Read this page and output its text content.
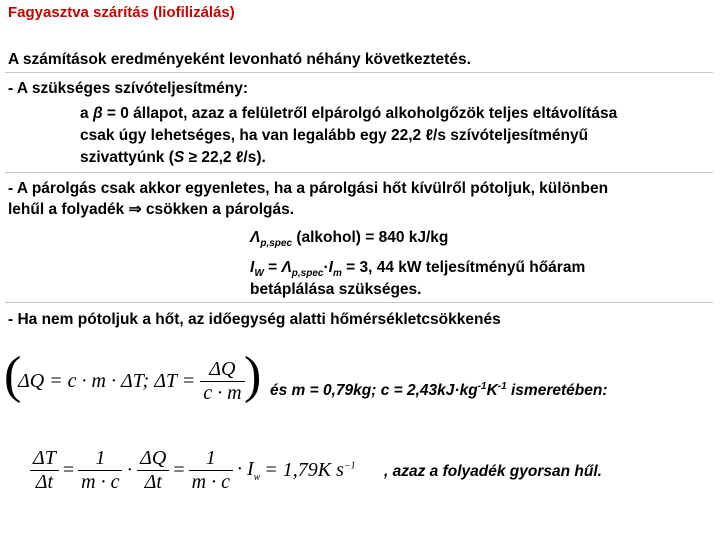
Fagyasztva szárítás (liofilizálás)
A számítások eredményeként levonható néhány következtetés.
- A szükséges szívóteljesítmény:
a β = 0 állapot, azaz a felületről elpárolgó alkoholgőzök teljes eltávolítása
csak úgy lehetséges, ha van legalább egy 22,2 ℓ/s szívóteljesítményű
szivattyúnk (S ≥ 22,2 ℓ/s).
- A párolgás csak akkor egyenletes, ha a párolgási hőt kívülről pótoljuk, különben
lehűl a folyadék ⇒ csökken a párolgás.
$\Lambda_{p,spec}$ (alkohol) = 840 kJ/kg
$I_W = \Lambda_{p,spec}\cdot I_m = 3$, 44 kW teljesítményű hőáram
betáplálása szükséges.
- Ha nem pótoljuk a hőt, az időegység alatti hőmérsékletcsökkenés
(
ΔQ = c · m · ΔT; ΔT =
$\frac{\Delta Q}{c \cdot m}$ ) és m = 0,79kg; $c = 2,43kJ\cdot kg^{-1}K^{-1}$ ismeretében:
$\frac{\Delta T}{\Delta t} = \frac{1}{m \cdot c} \cdot \frac{\Delta Q}{\Delta t} = \frac{1}{m \cdot c} \cdot I_w = 1,79K$ $s^{-1}$ , azaz a folyadék gyorsan hűl.
